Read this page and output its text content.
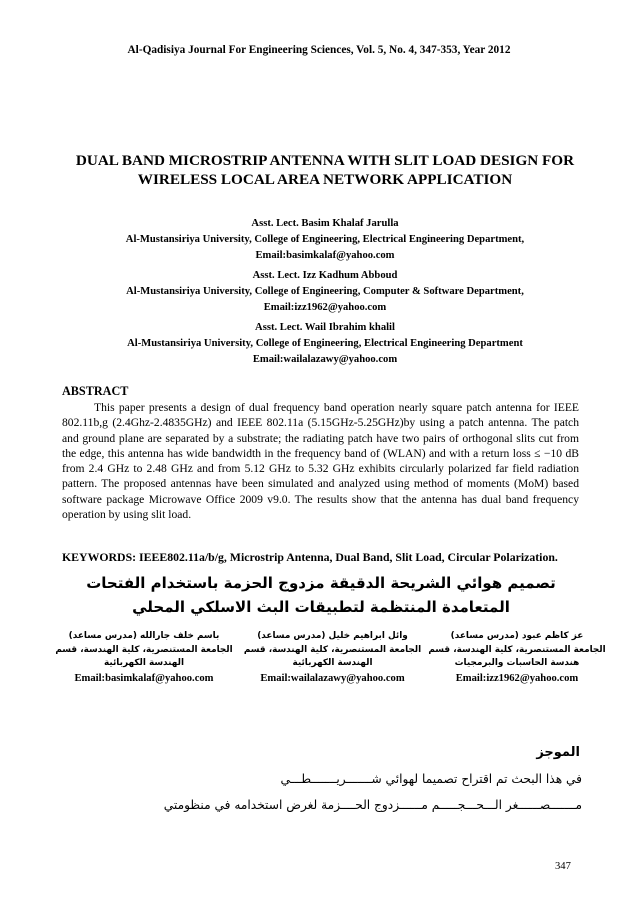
Al-Qadisiya Journal For Engineering Sciences, Vol. 5, No. 4, 347-353, Year 2012
DUAL BAND MICROSTRIP ANTENNA WITH SLIT LOAD DESIGN FOR WIRELESS LOCAL AREA NETWORK APPLICATION
Asst. Lect. Basim Khalaf Jarulla
Al-Mustansiriya University, College of Engineering, Electrical Engineering Department,
Email:basimkalaf@yahoo.com
Asst. Lect. Izz Kadhum Abboud
Al-Mustansiriya University, College of Engineering, Computer & Software Department,
Email:izz1962@yahoo.com
Asst. Lect. Wail Ibrahim khalil
Al-Mustansiriya University, College of Engineering, Electrical Engineering Department
Email:wailalazawy@yahoo.com
ABSTRACT

This paper presents a design of dual frequency band operation nearly square patch antenna for IEEE 802.11b,g (2.4Ghz-2.4835GHz) and IEEE 802.11a (5.15GHz-5.25GHz)by using a patch antenna. The patch and ground plane are separated by a substrate; the radiating patch have two pairs of orthogonal slits cut from the edge, this antenna has wide bandwidth in the frequency band of (WLAN) and with a return loss ≤ −10 dB from 2.4 GHz to 2.48 GHz and from 5.12 GHz to 5.32 GHz exhibits circularly polarized far field radiation pattern. The proposed antennas have been simulated and analyzed using method of moments (MoM) based software package Microwave Office 2009 v9.0. The results show that the antenna has dual band frequency operation by using slit load.

KEYWORDS: IEEE802.11a/b/g, Microstrip Antenna, Dual Band, Slit Load, Circular Polarization.

تصميم هوائي الشريحة الدقيقة مزدوج الحزمة باستخدام الفتحات المتعامدة المنتظمة لتطبيقات البث الاسلكي المحلي

عز كاظم عبود (مدرس مساعد)
الجامعة المستنصرية، كلية الهندسة، قسم
هندسة الحاسبات والبرمجيات
Email:izz1962@yahoo.com
وائل ابراهيم خليل (مدرس مساعد)
الجامعة المستنصرية، كلية الهندسة، قسم
الهندسة الكهربائية
Email:wailalazawy@yahoo.com
باسم خلف جارالله (مدرس مساعد)
الجامعة المستنصرية، كلية الهندسة، قسم
الهندسة الكهربائية
Email:basimkalaf@yahoo.com
الموجز
في هذا البحث تم اقتراح تصميما لهوائي شـــــــريـــــــطـــي
مـــــــصــــــغر الـــحـــجـــــم مــــــزدوج الحــــزمة لغرض استخدامه في منظومتي
347
